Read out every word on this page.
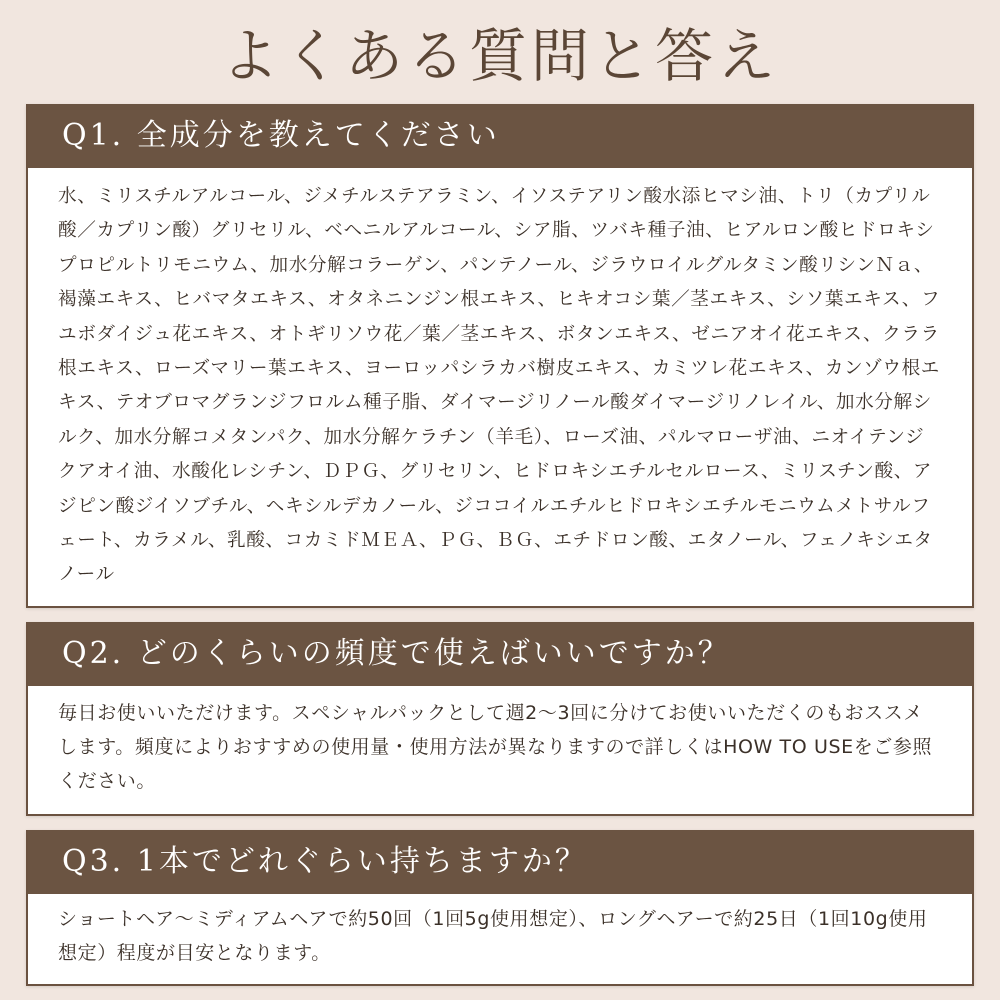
よくある質問と答え
Q1. 全成分を教えてください

水、ミリスチルアルコール、ジメチルステアラミン、イソステアリン酸水添ヒマシ油、トリ（カプリル酸／カプリン酸）グリセリル、ベヘニルアルコール、シア脂、ツバキ種子油、ヒアルロン酸ヒドロキシプロピルトリモニウム、加水分解コラーゲン、パンテノール、ジラウロイルグルタミン酸リシンＮａ、褐藻エキス、ヒバマタエキス、オタネニンジン根エキス、ヒキオコシ葉／茎エキス、シソ葉エキス、フユボダイジュ花エキス、オトギリソウ花／葉／茎エキス、ボタンエキス、ゼニアオイ花エキス、クララ根エキス、ローズマリー葉エキス、ヨーロッパシラカバ樹皮エキス、カミツレ花エキス、カンゾウ根エキス、テオブロマグランジフロルム種子脂、ダイマージリノール酸ダイマージリノレイル、加水分解シルク、加水分解コメタンパク、加水分解ケラチン（羊毛）、ローズ油、パルマローザ油、ニオイテンジクアオイ油、水酸化レシチン、ＤＰＧ、グリセリン、ヒドロキシエチルセルロース、ミリスチン酸、アジピン酸ジイソブチル、ヘキシルデカノール、ジココイルエチルヒドロキシエチルモニウムメトサルフェート、カラメル、乳酸、コカミドＭＥＡ、ＰＧ、ＢＧ、エチドロン酸、エタノール、フェノキシエタノール

Q2. どのくらいの頻度で使えばいいですか？

毎日お使いいただけます。スペシャルパックとして週2〜3回に分けてお使いいただくのもおススメします。頻度によりおすすめの使用量・使用方法が異なりますので詳しくはHOW TO USEをご参照ください。

Q3. 1本でどれぐらい持ちますか？

ショートヘア〜ミディアムヘアで約50回（1回5g使用想定）、ロングヘアーで約25日（1回10g使用想定）程度が目安となります。
